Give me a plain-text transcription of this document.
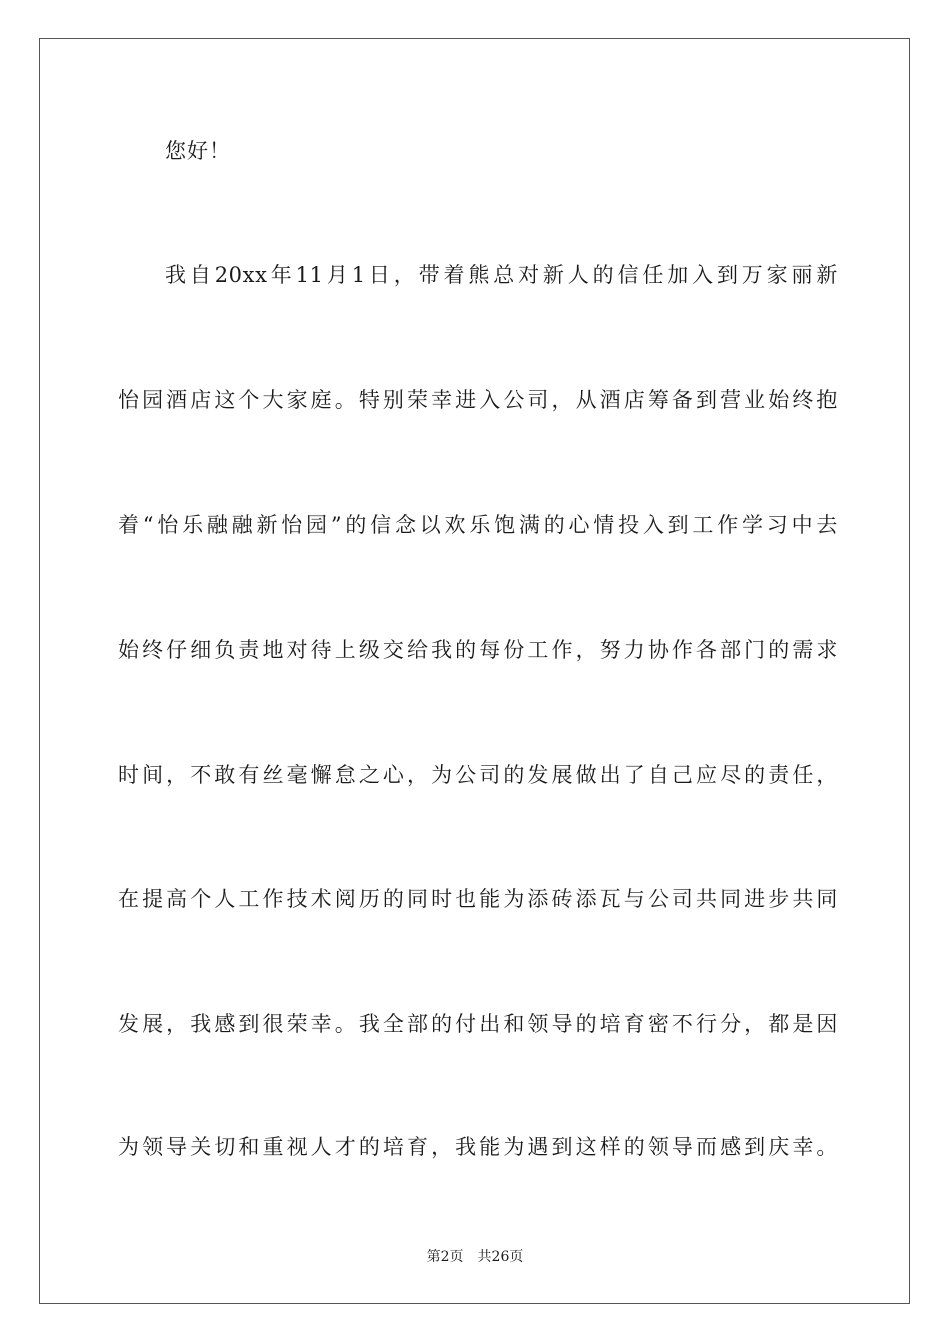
您好！
我自20xx年11月1日，带着熊总对新人的信任加入到万家丽新
怡园酒店这个大家庭。特别荣幸进入公司，从酒店筹备到营业始终抱
着“怡乐融融新怡园”的信念以欢乐饱满的心情投入到工作学习中去
始终仔细负责地对待上级交给我的每份工作，努力协作各部门的需求
时间，不敢有丝毫懈怠之心，为公司的发展做出了自己应尽的责任，
在提高个人工作技术阅历的同时也能为添砖添瓦与公司共同进步共同
发展，我感到很荣幸。我全部的付出和领导的培育密不行分，都是因
为领导关切和重视人才的培育，我能为遇到这样的领导而感到庆幸。
第2页 共26页
